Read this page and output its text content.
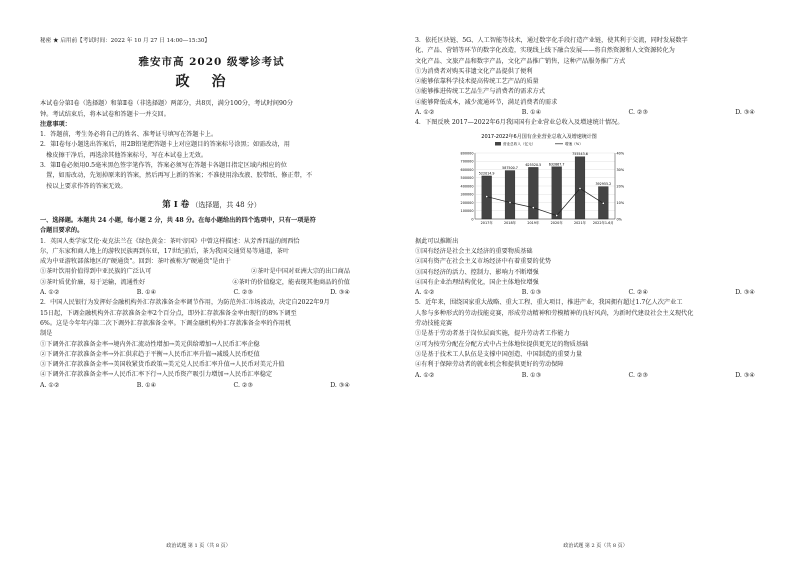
秘密 ★ 启用前【考试时间：2022 年 10 月 27 日 14:00—15:30】
雅安市高 2020 级零诊考试
政治
本试卷分第Ⅰ卷（选择题）和第Ⅱ卷（非选择题）两部分，共8页，满分100分，考试时间90分
钟。考试结束后，将本试卷和答题卡一并交回。
注意事项：
1．答题前，考生务必将自己的姓名、准考证号填写在答题卡上。
2．第Ⅰ卷每小题选出答案后，用2B铅笔把答题卡上对应题目的答案标号涂黑；如需改动，用
　橡皮擦干净后，再选涂其他答案标号，写在本试卷上无效。
3．第Ⅱ卷必须用0.5毫米黑色签字笔作答，答案必须写在答题卡各题目指定区域内相应的位
　置，如需改动，先划掉原来的答案，然后再写上新的答案；不准使用涂改液、胶带纸、修正带，不
　按以上要求作答的答案无效。
第 Ⅰ 卷 （选择题，共 48 分）
一、选择题。本题共 24 小题，每小题 2 分，共 48 分。在每小题给出的四个选项中，只有一项是符
合题目要求的。
1．英国人类学家艾伦·麦克法兰在《绿色黄金：茶叶帝国》中曾这样描述：从芳香四溢的闽西恰
尔，广东家和商人地上的游牧民族再到东亚，17世纪前后，茶为我国交通贸易等通道，茶叶
成为中亚游牧部落地区的"硬通货"。回到：茶叶被称为"硬通货"是由于
①茶叶饮用价值得到中亚民族的广泛认可	②茶叶是中国对亚洲大宗的出口商品
③茶叶质优价廉，易于运输，流通性好	④茶叶的价值稳定，能表现其他商品的价值
A. ①②	B. ①④	C. ②③	D. ③④
2．中国人民银行为发挥好金融机构外汇存款准备金率调节作用，为防范外汇市场波动，决定自2022年9月
15日起，下调金融机构外汇存款准备金率2个百分点，即外汇存款准备金率由现行的8%下调至
6%。这是今年年内第二次下调外汇存款准备金率。下调金融机构外汇存款准备金率的作用机
制是
①下调外汇存款准备金率→境内外汇流动性增加→美元供给增加→人民币汇率企稳
②下调外汇存款准备金率→外汇供求趋于平衡→人民币汇率升值→减缓人民币贬值
③下调外汇存款准备金率→美国收紧货币政策→美元兑人民币汇率升值→人民币对美元升值
④下调外汇存款准备金率→人民币汇率下行→人民币资产吸引力增加→人民币汇率稳定
A. ①②	B. ①④	C. ②③	D. ③④
政治试题 第 1 页（共 8 页）
3．依托区块链、5G、人工智能等技术，通过数字化手段打造产业链，使其利于交流，同时发展数字
化、产品、营销等环节的数字化改造，实现线上线下融合发展——将自然资源和人文资源转化为
文化产品、文旅产品和数字产品，文化产品推广销售，这种产品服务推广方式
①为消费者对购买非遗文化产品提供了便利
②能够依靠科学技术提高传统工艺产品的质量
③能够推进传统工艺品生产与消费者的需求方式
④能够降低成本，减少流通环节，满足消费者的需求
A. ①②	B. ①④	C. ②③	D. ③④
4．下图反映 2017—2022年6月我国国有企业营业总收入及增速统计情况。
2017-2022年6月国有企业营业总收入及增速统计图
营业总收入（亿元）	增速（%）
0
100000
200000
300000
400000
500000
600000
700000
800000
0%
10%
20%
30%
40%
522014.9
587500.7
625520.5 632867.7
755543.6
392955.2
2017年	2018年	2019年	2020年	2021年 2022年1-6月
据此可以推断出
①国有经济是社会主义经济的重要物质基础
②国有资产在社会主义市场经济中有着重要的优势
③国有经济的活力、控制力、影响力不断增强
④国有企业治理结构优化，国企主体地位增强
A. ①②	B. ①③	C. ②④	D. ③④
5．近年来，围绕国家重大战略、重大工程、重大项目，推进产业，我国拥有超过1.7亿人次产业工
人参与多种形式的劳动技能竞赛，形成劳动精神和劳模精神的良好风尚，为新时代建设社会主义现代化
劳动技能竞赛
①是基于劳动者基于岗位层面实施，提升劳动者工作能力
②可为按劳分配在分配方式中占主体地位提供更充足的物质基础
③是基于技术工人队伍是支撑中国创造、中国制造的重要力量
④有利于保障劳动者的就业机会和提供更好的劳动保障
A. ①②	B. ①③	C. ②③	D. ③④
政治试题 第 2 页（共 8 页）
